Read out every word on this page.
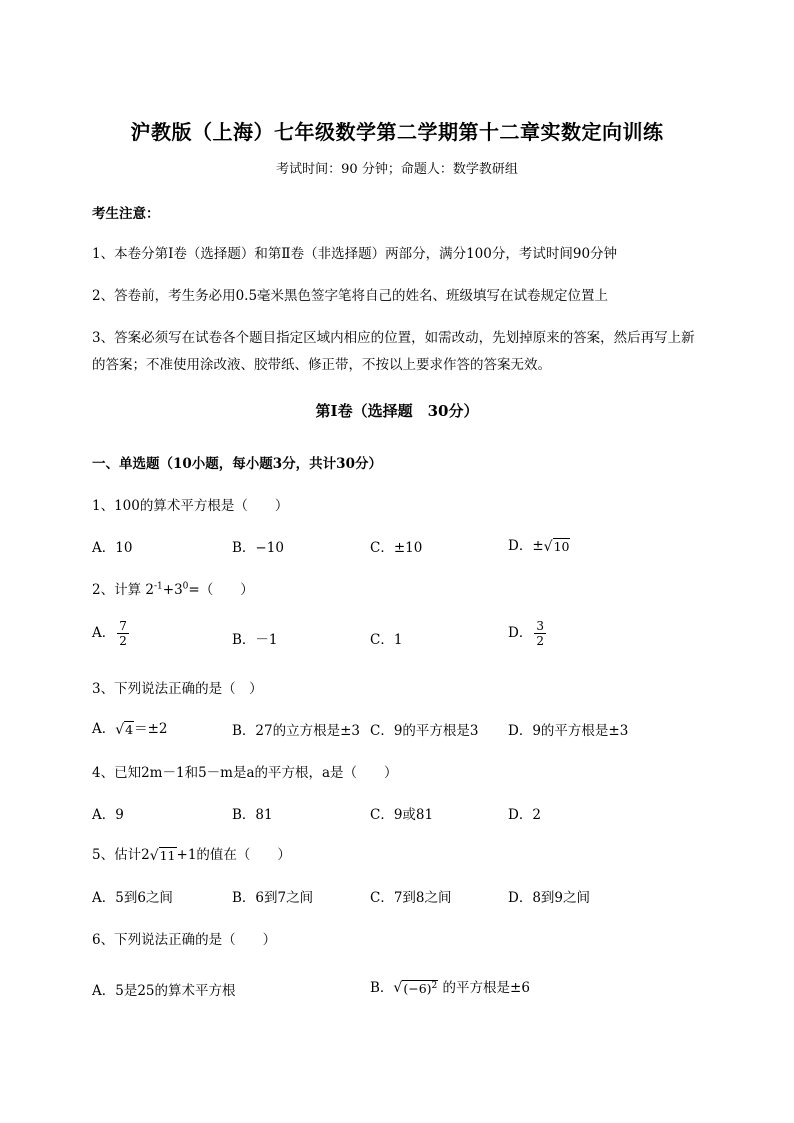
沪教版（上海）七年级数学第二学期第十二章实数定向训练
考试时间：90 分钟；命题人：数学教研组
考生注意：
1、本卷分第I卷（选择题）和第Ⅱ卷（非选择题）两部分，满分100分，考试时间90分钟
2、答卷前，考生务必用0.5毫米黑色签字笔将自己的姓名、班级填写在试卷规定位置上
3、答案必须写在试卷各个题目指定区域内相应的位置，如需改动，先划掉原来的答案，然后再写上新
的答案；不准使用涂改液、胶带纸、修正带，不按以上要求作答的答案无效。
第I卷（选择题　30分）
一、单选题（10小题，每小题3分，共计30分）
1、100的算术平方根是（　　）
A．10	B．−10	C．±10	D．±√10
2、计算 $2^{-1}+3^0=$（　　）
A． $\frac{7}{2}$	B．－1	C．1	D． $\frac{3}{2}$
3、下列说法正确的是（　）
A．√4＝±2	B．27的立方根是±3 C．9的平方根是3 D．9的平方根是±3
4、已知2m－1和5－m是a的平方根，a是（　　）
A．9	B．81	C．9或81	D．2
5、估计2√11+1的值在（　　）
A．5到6之间	B．6到7之间	C．7到8之间	D．8到9之间
6、下列说法正确的是（　　）
A．5是25的算术平方根	B．$√(-6)^2$ 的平方根是±6
